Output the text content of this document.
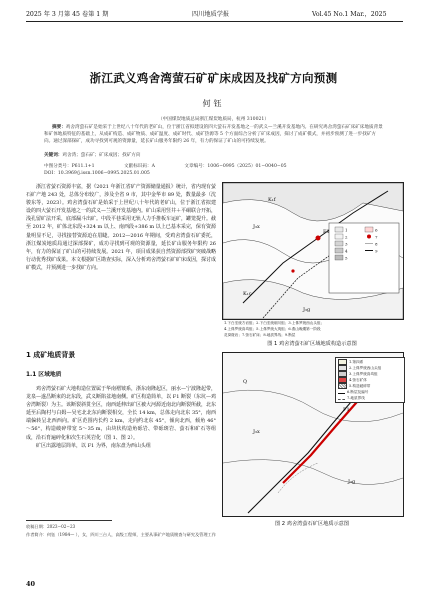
2025 年 3 月第 45 卷第 1 期	四川地质学报	Vol.45 No.1 Mar.，2025
浙江武义鸡舍湾萤石矿矿床成因及找矿方向预测
何钰
（中国煤炭地质总局浙江煤炭地质局，杭州 310021）
摘要：鸡舍湾萤石矿是始采于上世纪八十年代的老矿山，位于浙江省拟建设的四大萤石开发基地之一的武义—兰溪开发基地内。在研究鸡舍湾萤石矿床矿床地质背景和矿体地质特征的基础上，从成矿构造、成矿物质、成矿温度、成矿时代、成矿热源等 5 个方面综合分析了矿床成因，探讨了成矿模式，并初步预测了进一步找矿方向。通过深部探矿，成功寻找到可观的资源量，延长矿山服务年限约 26 年，有力的保证了矿山的可持续发展。
关键词：鸡舍湾；萤石矿；矿床成因；找矿方向
中图分类号：P611.1+1	文献标识码：A	文章编号：1006−0995（2025）01−0040−05
DOI：10.3969/j.issn.1006−0995.2025.01.005

浙江省萤石资源丰富，据《2021 年浙江省矿产资源储量通报》统计，省内现有萤石矿产地 243 处，总体分布较广，涉及全省 9 市，其中金华市 89 处，数量最多（沈骏东等，2023）。鸡舍湾萤石矿是始采于上世纪八十年代的老矿山，位于浙江省拟建设的四大萤石开发基地之一的武义—兰溪开发基地内。矿山采用竖井＋平硐联合开拓，浅孔留矿法开采，底部漏斗出矿。中段平巷采用无轨人力手推板车运矿，罐笼提升。截至 2012 年，矿体北东段+324 m 以上、南西段+386 m 以上已基本采完，保有资源量明显不足，寻找接替资源迫在眉睫。2012—2016 年期间，受鸡舍湾萤石矿委托，浙江煤炭地质局通过深部探矿，成功寻找到可观的资源量，延长矿山服务年限约 26 年，有力的保证了矿山的可持续发展。2021 年，项目成果获自然资源部找矿突破战略行动优秀找矿成果。本文根据矿区勘查实际，深入分析鸡舍湾萤石矿矿床成因，探讨成矿模式，并预测进一步找矿方向。

1 成矿地质背景
1.1 区域地质

鸡舍湾萤石矿大地构造位置属于华南褶皱系，浙东南隆起区，丽水—宁波隆起带，龙泉—遂昌断束的北东段，武义断陷盆地南侧。矿区构造简单，以 F1 断裂（东坑—鸡舍湾断裂）为主。该断裂斜贯全区，南西延伸出矿区被大河源近南北向断裂所截，北东延至后陶村与白姆—吴宅北北东向断裂相交，全长 14 km，总体走向北东 35°，南西端偏转呈北西西向。矿区范围内长约 2 km，走向约北东 45°，倾向北西，倾角 46°～56°，构造破碎带宽 5～35 m，由块状构造角砾岩、带砾斑岩、萤石和矿石等组成，沿石育遍碎化和次生石英岩化（图 1、图 2）。

矿区出露地层简单，以 F1 为界，南东盘为西山头组

收稿日期：2023−02−23
作者简介：何钰（1984— ），女，四川三台人，高级工程师，主要从事矿产地质勘查与研究及管理工作
40
F1
J₃x
K₁f
K₁c
J₃g
1
2
3
4
5
6
7
8
9
1.下白垩统方岩组；2.下白垩统朝川组；3.上侏罗统西山头组；
4.上侏罗统高坞组；5.上侏罗统大爽组；6.燕山晚期第一阶段
花岗斑岩；7.萤石矿床；8.地质界线；9.断层
图 1 鸡舍湾萤石矿区域地质构造示意图
F1
Q
J₃x
J₃g
1.第四系
2.上侏罗统西山头组
3.上侏罗统高坞组
4.萤石矿体
5.构造破碎带
6.断层及编号
7.地质界线
图 2 鸡舍湾萤石矿区地质示意图
